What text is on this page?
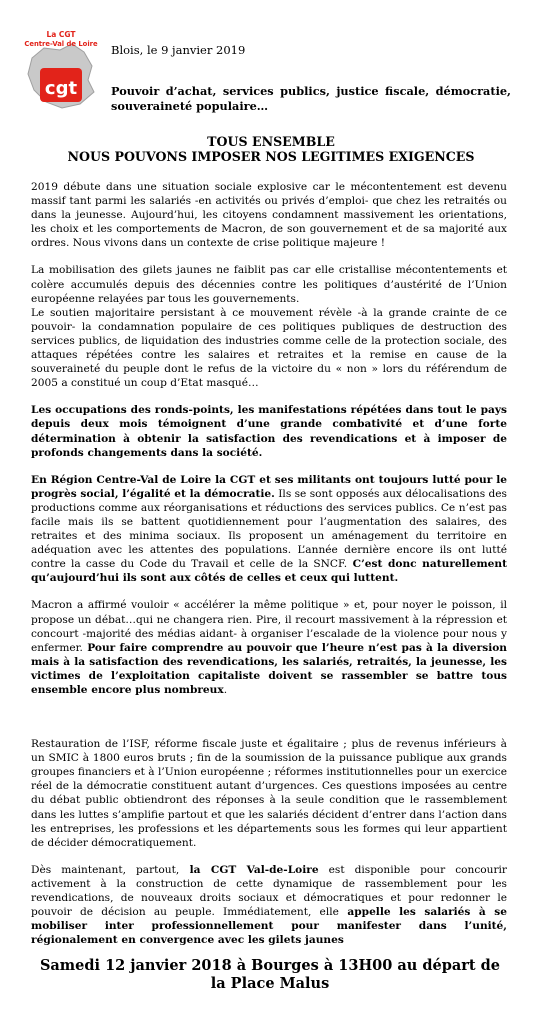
cgt
La CGT
Centre-Val de Loire Blois, le 9 janvier 2019
Pouvoir d’achat, services publics, justice fiscale, démocratie, souveraineté populaire…
TOUS ENSEMBLE
NOUS POUVONS IMPOSER NOS LEGITIMES EXIGENCES

2019 débute dans une situation sociale explosive car le mécontentement est devenu massif tant parmi les salariés -en activités ou privés d’emploi- que chez les retraités ou dans la jeunesse. Aujourd’hui, les citoyens condamnent massivement les orientations, les choix et les comportements de Macron, de son gouvernement et de sa majorité aux ordres. Nous vivons dans un contexte de crise politique majeure !

La mobilisation des gilets jaunes ne faiblit pas car elle cristallise mécontentements et colère accumulés depuis des décennies contre les politiques d’austérité de l’Union européenne relayées par tous les gouvernements.

Le soutien majoritaire persistant à ce mouvement révèle -à la grande crainte de ce pouvoir- la condamnation populaire de ces politiques publiques de destruction des services publics, de liquidation des industries comme celle de la protection sociale, des attaques répétées contre les salaires et retraites et la remise en cause de la souveraineté du peuple dont le refus de la victoire du « non » lors du référendum de 2005 a constitué un coup d’Etat masqué…

Les occupations des ronds-points, les manifestations répétées dans tout le pays depuis deux mois témoignent d’une grande combativité et d’une forte détermination à obtenir la satisfaction des revendications et à imposer de profonds changements dans la société.

En Région Centre-Val de Loire la CGT et ses militants ont toujours lutté pour le progrès social, l’égalité et la démocratie. Ils se sont opposés aux délocalisations des productions comme aux réorganisations et réductions des services publics. Ce n’est pas facile mais ils se battent quotidiennement pour l’augmentation des salaires, des retraites et des minima sociaux. Ils proposent un aménagement du territoire en adéquation avec les attentes des populations. L’année dernière encore ils ont lutté contre la casse du Code du Travail et celle de la SNCF. C’est donc naturellement qu’aujourd’hui ils sont aux côtés de celles et ceux qui luttent.

Macron a affirmé vouloir « accélérer la même politique » et, pour noyer le poisson, il propose un débat…qui ne changera rien. Pire, il recourt massivement à la répression et concourt -majorité des médias aidant- à organiser l’escalade de la violence pour nous y enfermer. Pour faire comprendre au pouvoir que l’heure n’est pas à la diversion mais à la satisfaction des revendications, les salariés, retraités, la jeunesse, les victimes de l’exploitation capitaliste doivent se rassembler se battre tous ensemble encore plus nombreux.

Restauration de l’ISF, réforme fiscale juste et égalitaire ; plus de revenus inférieurs à un SMIC à 1800 euros bruts ; fin de la soumission de la puissance publique aux grands groupes financiers et à l’Union européenne ; réformes institutionnelles pour un exercice réel de la démocratie constituent autant d’urgences. Ces questions imposées au centre du débat public obtiendront des réponses à la seule condition que le rassemblement dans les luttes s’amplifie partout et que les salariés décident d’entrer dans l’action dans les entreprises, les professions et les départements sous les formes qui leur appartient de décider démocratiquement.

Dès maintenant, partout, la CGT Val-de-Loire est disponible pour concourir activement à la construction de cette dynamique de rassemblement pour les revendications, de nouveaux droits sociaux et démocratiques et pour redonner le pouvoir de décision au peuple. Immédiatement, elle appelle les salariés à se mobiliser inter professionnellement pour manifester dans l’unité, régionalement en convergence avec les gilets jaunes

Samedi 12 janvier 2018 à Bourges à 13H00 au départ de
la Place Malus
